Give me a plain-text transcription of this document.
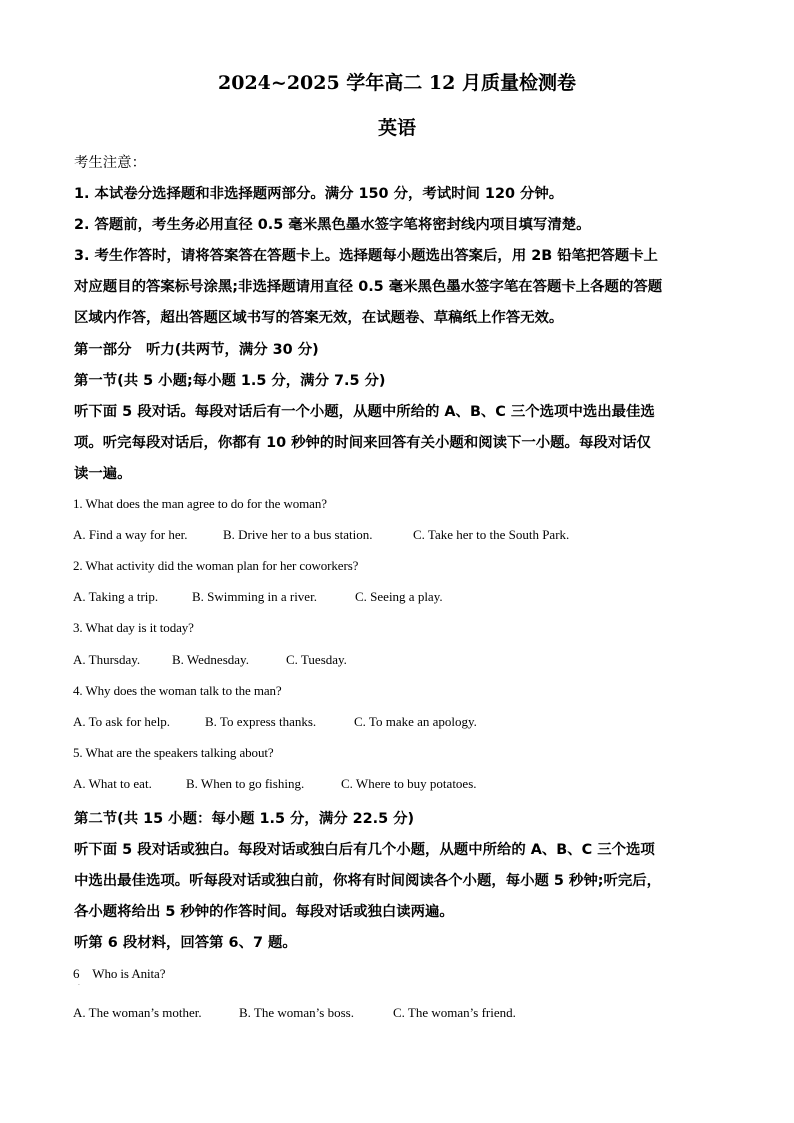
2024~2025 学年高二 12 月质量检测卷
英语
考生注意：
1. 本试卷分选择题和非选择题两部分。满分 150 分，考试时间 120 分钟。
2. 答题前，考生务必用直径 0.5 毫米黑色墨水签字笔将密封线内项目填写清楚。
3. 考生作答时，请将答案答在答题卡上。选择题每小题选出答案后，用 2B 铅笔把答题卡上
对应题目的答案标号涂黑;非选择题请用直径 0.5 毫米黑色墨水签字笔在答题卡上各题的答题
区域内作答，超出答题区域书写的答案无效，在试题卷、草稿纸上作答无效。
第一部分　听力(共两节，满分 30 分)
第一节(共 5 小题;每小题 1.5 分，满分 7.5 分)
听下面 5 段对话。每段对话后有一个小题，从题中所给的 A、B、C 三个选项中选出最佳选
项。听完每段对话后，你都有 10 秒钟的时间来回答有关小题和阅读下一小题。每段对话仅
读一遍。
1. What does the man agree to do for the woman?
A. Find a way for her.	B. Drive her to a bus station.	C. Take her to the South Park.
2. What activity did the woman plan for her coworkers?
A. Taking a trip.	B. Swimming in a river.	C. Seeing a play.
3. What day is it today?
A. Thursday. B. Wednesday.	C. Tuesday.
4. Why does the woman talk to the man?
A. To ask for help.	B. To express thanks.	C. To make an apology.
5. What are the speakers talking about?
A. What to eat.	B. When to go fishing.	C. Where to buy potatoes.
第二节(共 15 小题：每小题 1.5 分，满分 22.5 分)
听下面 5 段对话或独白。每段对话或独白后有几个小题，从题中所给的 A、B、C 三个选项
中选出最佳选项。听每段对话或独白前，你将有时间阅读各个小题，每小题 5 秒钟;听完后，
各小题将给出 5 秒钟的作答时间。每段对话或独白读两遍。
听第 6 段材料，回答第 6、7 题。
6　Who is Anita?
·
A. The woman’s mother.	B. The woman’s boss.	C. The woman’s friend.
